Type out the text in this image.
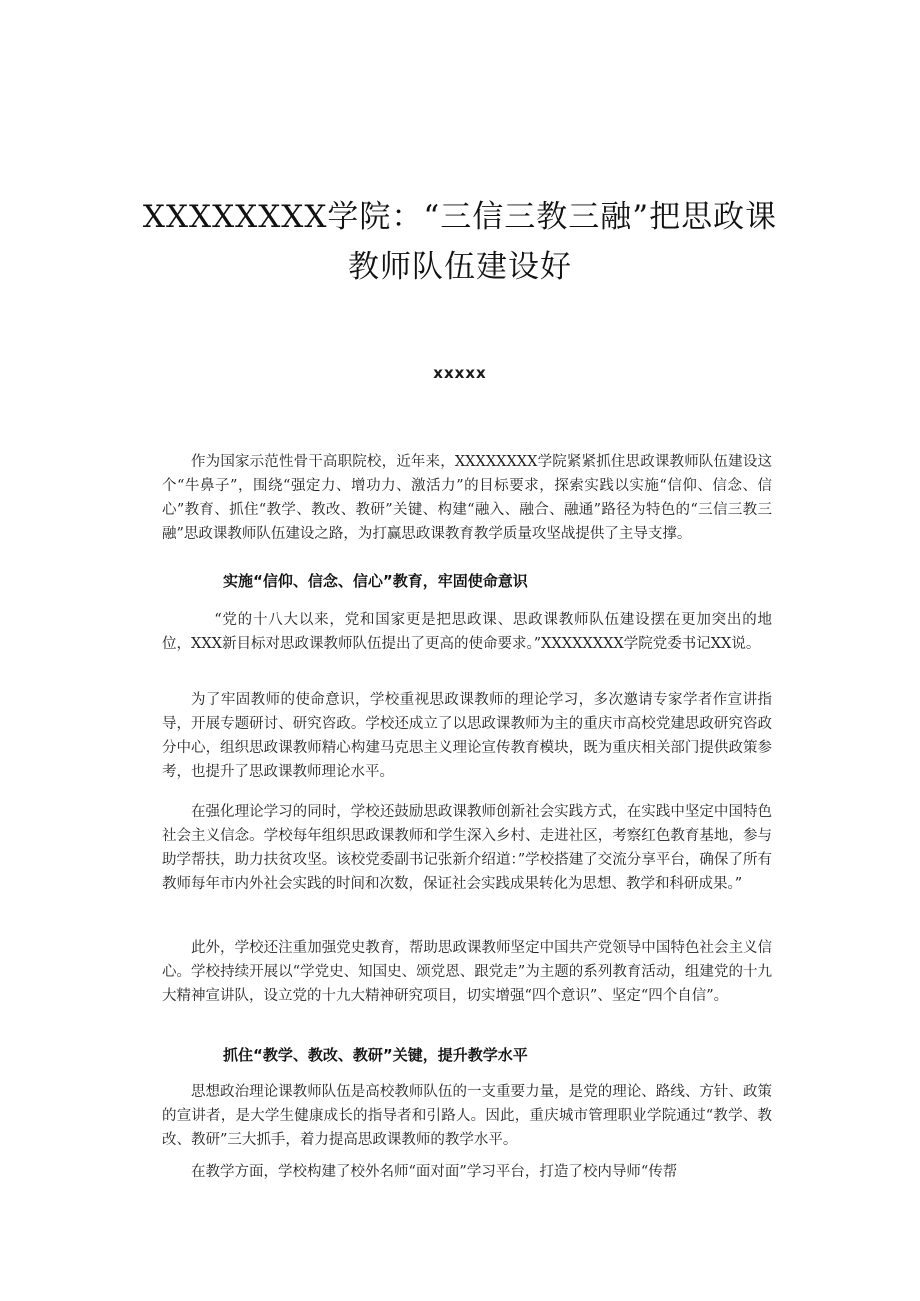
XXXXXXXX学院：“三信三教三融”把思政课教师队伍建设好
xxxxx
作为国家示范性骨干高职院校，近年来，XXXXXXXX学院紧紧抓住思政课教师队伍建设这个“牛鼻子”，围绕“强定力、增功力、激活力”的目标要求，探索实践以实施“信仰、信念、信心”教育、抓住“教学、教改、教研”关键、构建“融入、融合、融通”路径为特色的“三信三教三融”思政课教师队伍建设之路，为打赢思政课教育教学质量攻坚战提供了主导支撑。
实施“信仰、信念、信心”教育，牢固使命意识
“党的十八大以来，党和国家更是把思政课、思政课教师队伍建设摆在更加突出的地位，XXX新目标对思政课教师队伍提出了更高的使命要求。”XXXXXXXX学院党委书记XX说。
为了牢固教师的使命意识，学校重视思政课教师的理论学习，多次邀请专家学者作宣讲指导，开展专题研讨、研究咨政。学校还成立了以思政课教师为主的重庆市高校党建思政研究咨政分中心，组织思政课教师精心构建马克思主义理论宣传教育模块，既为重庆相关部门提供政策参考，也提升了思政课教师理论水平。
在强化理论学习的同时，学校还鼓励思政课教师创新社会实践方式，在实践中坚定中国特色社会主义信念。学校每年组织思政课教师和学生深入乡村、走进社区，考察红色教育基地，参与助学帮扶，助力扶贫攻坚。该校党委副书记张新介绍道：”学校搭建了交流分享平台，确保了所有教师每年市内外社会实践的时间和次数，保证社会实践成果转化为思想、教学和科研成果。”
此外，学校还注重加强党史教育，帮助思政课教师坚定中国共产党领导中国特色社会主义信心。学校持续开展以“学党史、知国史、颂党恩、跟党走”为主题的系列教育活动，组建党的十九大精神宣讲队，设立党的十九大精神研究项目，切实增强“四个意识”、坚定“四个自信”。
抓住“教学、教改、教研”关键，提升教学水平
思想政治理论课教师队伍是高校教师队伍的一支重要力量，是党的理论、路线、方针、政策的宣讲者，是大学生健康成长的指导者和引路人。因此，重庆城市管理职业学院通过“教学、教改、教研”三大抓手，着力提高思政课教师的教学水平。
在教学方面，学校构建了校外名师“面对面”学习平台，打造了校内导师“传帮
